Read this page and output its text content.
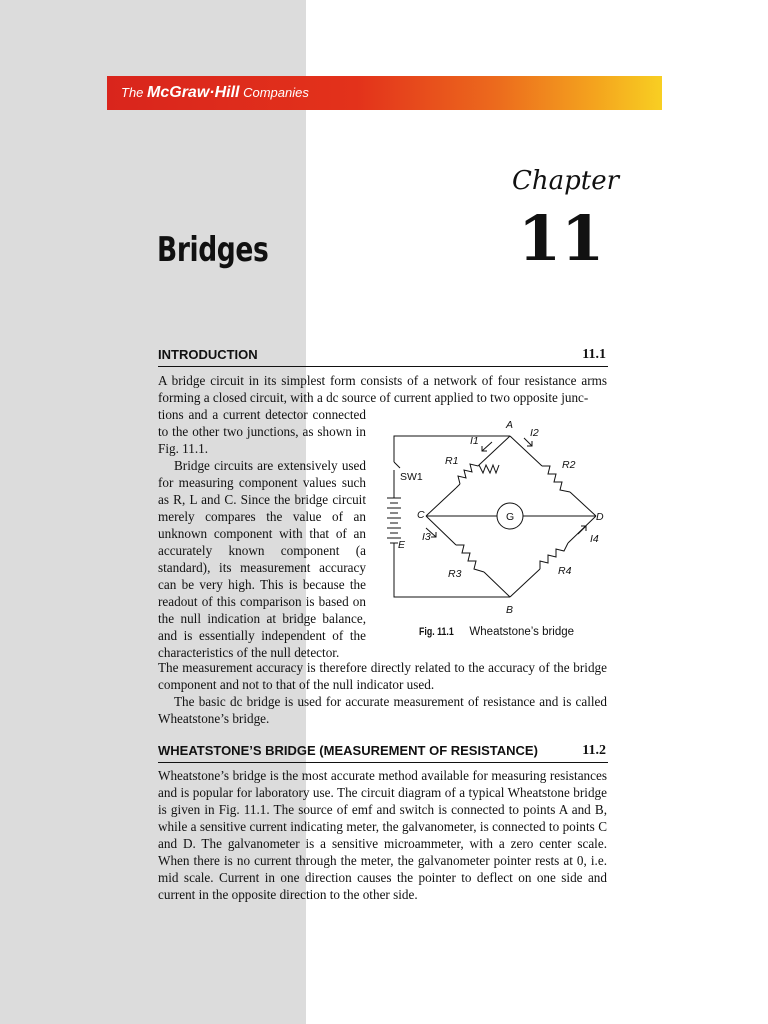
The McGraw·Hill Companies
Chapter
11
Bridges
INTRODUCTION	11.1
A bridge circuit in its simplest form consists of a network of four resistance arms forming a closed circuit, with a dc source of current applied to two opposite junc-
tions and a current detector connected to the other two junctions, as shown in Fig. 11.1.
Bridge circuits are extensively used for measuring component values such as R, L and C. Since the bridge circuit merely compares the value of an unknown component with that of an accurately known component (a standard), its measurement accuracy can be very high. This is because the readout of this comparison is based on the null indication at bridge balance, and is essentially independent of the characteristics of the null detector.
The measurement accuracy is therefore directly related to the accuracy of the bridge component and not to that of the null indicator used.
The basic dc bridge is used for accurate measurement of resistance and is called Wheatstone’s bridge.
A
B
C	D
R1	R2
R3	R4
I1
I2
I3	I4
SW1
E
G
Fig. 11.1 Wheatstone’s bridge
WHEATSTONE’S BRIDGE (MEASUREMENT OF RESISTANCE)	11.2
Wheatstone’s bridge is the most accurate method available for measuring resistances and is popular for laboratory use. The circuit diagram of a typical Wheatstone bridge is given in Fig. 11.1. The source of emf and switch is connected to points A and B, while a sensitive current indicating meter, the galvanometer, is connected to points C and D. The galvanometer is a sensitive microammeter, with a zero center scale. When there is no current through the meter, the galvanometer pointer rests at 0, i.e. mid scale. Current in one direction causes the pointer to deflect on one side and current in the opposite direction to the other side.
